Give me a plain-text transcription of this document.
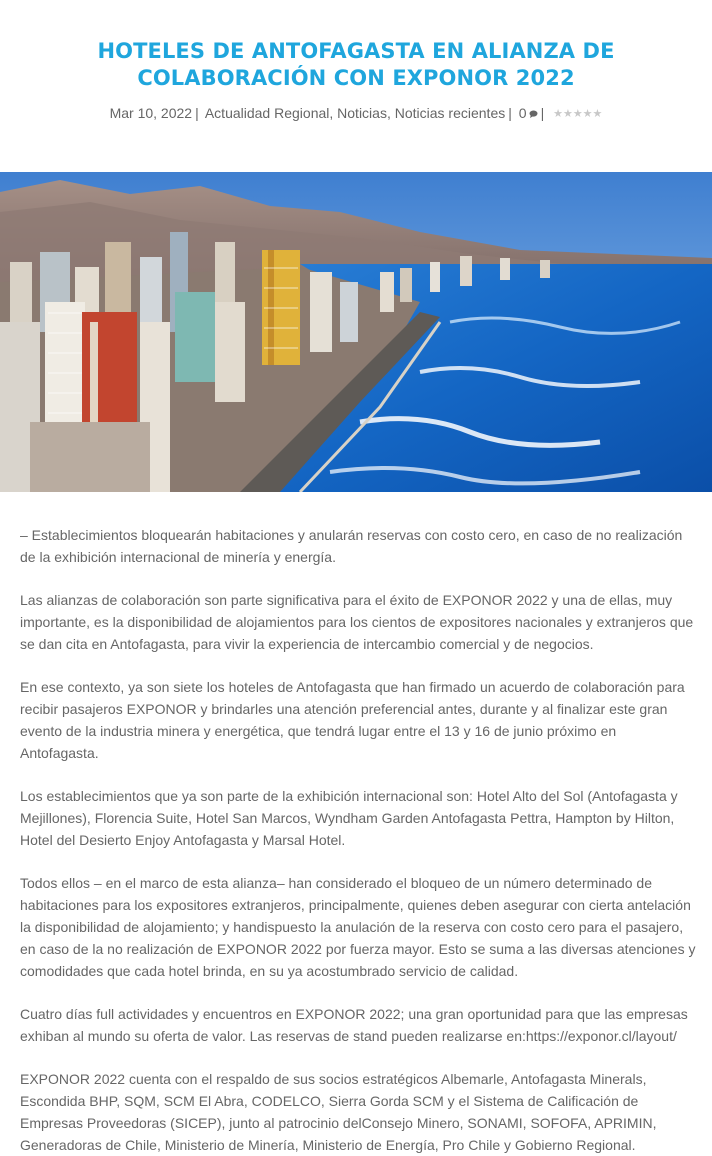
HOTELES DE ANTOFAGASTA EN ALIANZA DE COLABORACIÓN CON EXPONOR 2022
Mar 10, 2022 | Actualidad Regional, Noticias, Noticias recientes | 0 | ★★★★★

– Establecimientos bloquearán habitaciones y anularán reservas con costo cero, en caso de no realización de la exhibición internacional de minería y energía.

Las alianzas de colaboración son parte significativa para el éxito de EXPONOR 2022 y una de ellas, muy importante, es la disponibilidad de alojamientos para los cientos de expositores nacionales y extranjeros que se dan cita en Antofagasta, para vivir la experiencia de intercambio comercial y de negocios.

En ese contexto, ya son siete los hoteles de Antofagasta que han firmado un acuerdo de colaboración para recibir pasajeros EXPONOR y brindarles una atención preferencial antes, durante y al finalizar este gran evento de la industria minera y energética, que tendrá lugar entre el 13 y 16 de junio próximo en Antofagasta.

Los establecimientos que ya son parte de la exhibición internacional son: Hotel Alto del Sol (Antofagasta y Mejillones), Florencia Suite, Hotel San Marcos, Wyndham Garden Antofagasta Pettra, Hampton by Hilton, Hotel del Desierto Enjoy Antofagasta y Marsal Hotel.

Todos ellos – en el marco de esta alianza– han considerado el bloqueo de un número determinado de habitaciones para los expositores extranjeros, principalmente, quienes deben asegurar con cierta antelación la disponibilidad de alojamiento; y handispuesto la anulación de la reserva con costo cero para el pasajero, en caso de la no realización de EXPONOR 2022 por fuerza mayor. Esto se suma a las diversas atenciones y comodidades que cada hotel brinda, en su ya acostumbrado servicio de calidad.

Cuatro días full actividades y encuentros en EXPONOR 2022; una gran oportunidad para que las empresas exhiban al mundo su oferta de valor. Las reservas de stand pueden realizarse en:https://exponor.cl/layout/

EXPONOR 2022 cuenta con el respaldo de sus socios estratégicos Albemarle, Antofagasta Minerals, Escondida BHP, SQM, SCM El Abra, CODELCO, Sierra Gorda SCM y el Sistema de Calificación de Empresas Proveedoras (SICEP), junto al patrocinio delConsejo Minero, SONAMI, SOFOFA, APRIMIN, Generadoras de Chile, Ministerio de Minería, Ministerio de Energía, Pro Chile y Gobierno Regional.
